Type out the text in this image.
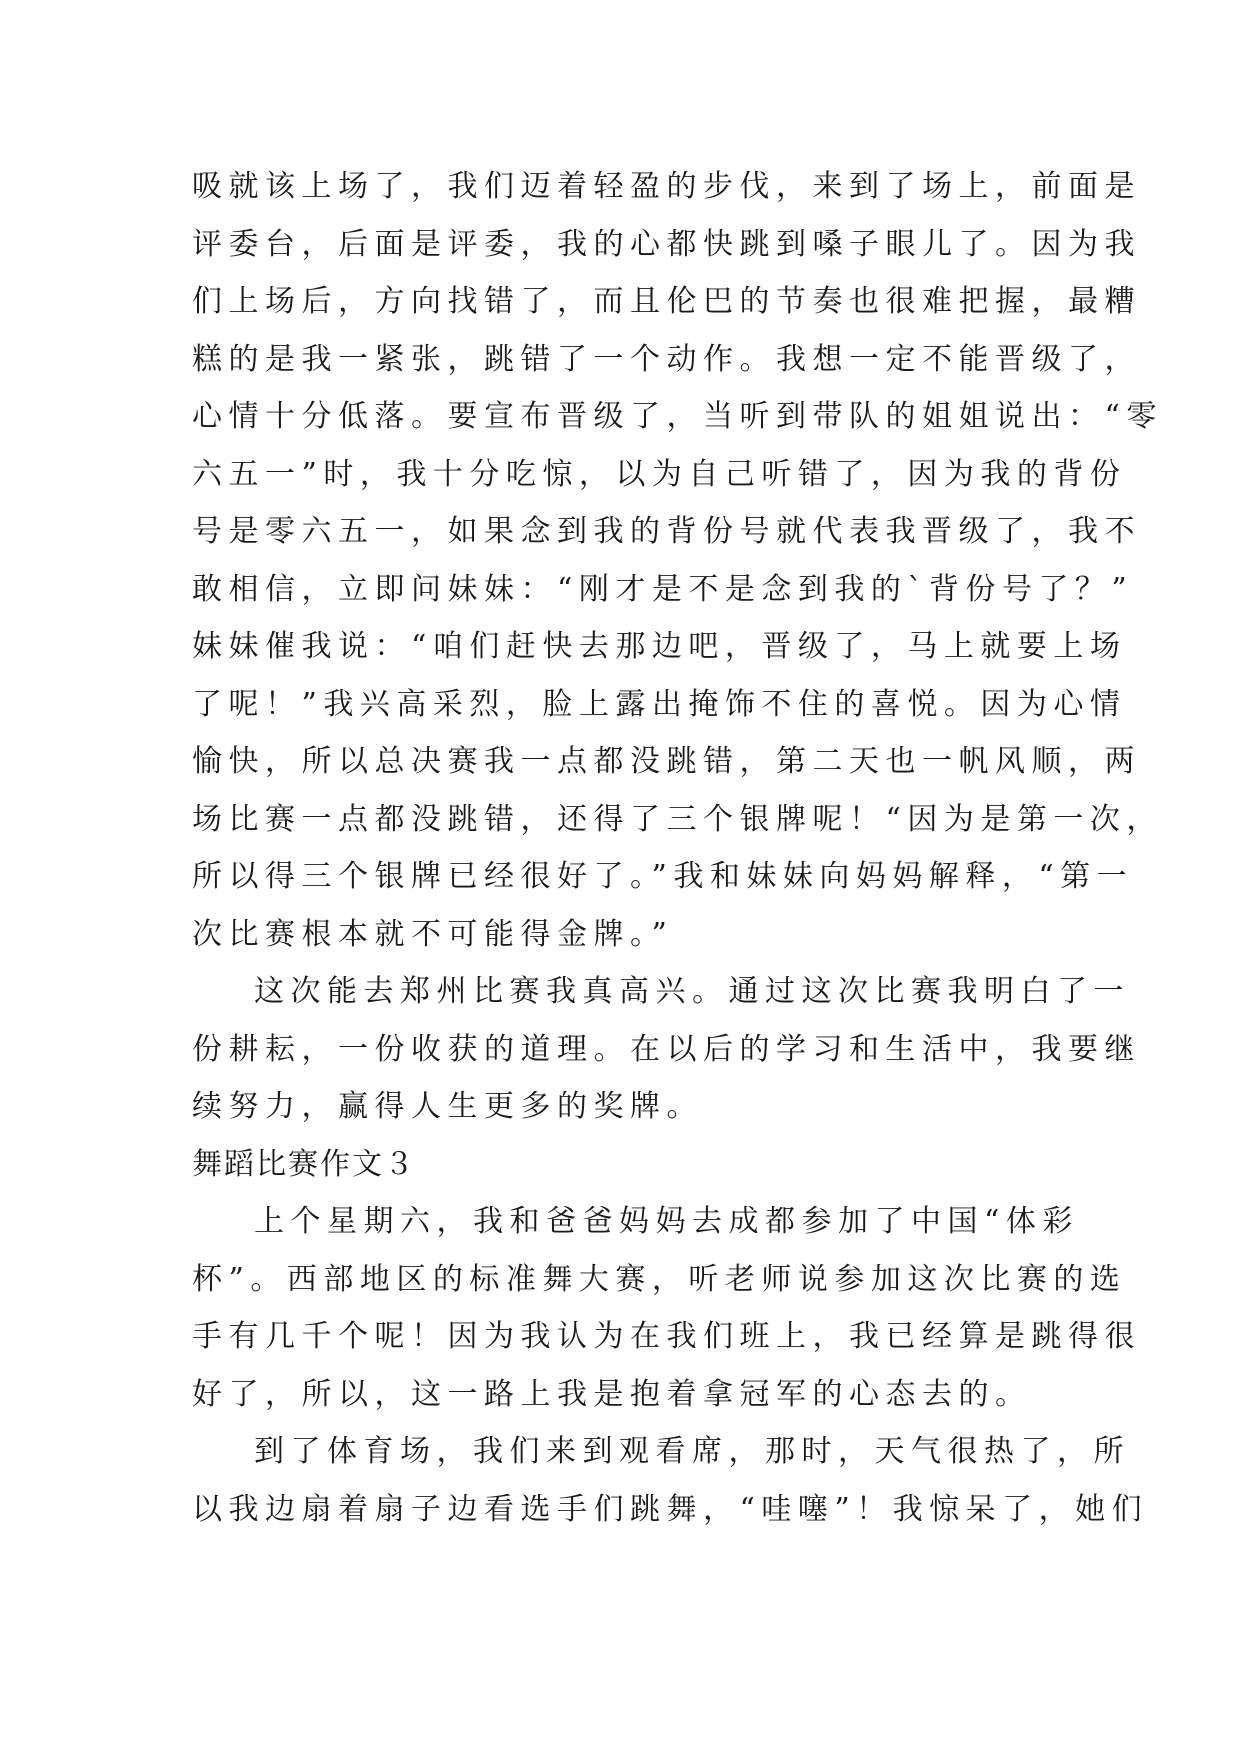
吸就该上场了，我们迈着轻盈的步伐，来到了场上，前面是
评委台，后面是评委，我的心都快跳到嗓子眼儿了。因为我
们上场后，方向找错了，而且伦巴的节奏也很难把握，最糟
糕的是我一紧张，跳错了一个动作。我想一定不能晋级了，
心情十分低落。要宣布晋级了，当听到带队的姐姐说出：“零
六五一”时，我十分吃惊，以为自己听错了，因为我的背份
号是零六五一，如果念到我的背份号就代表我晋级了，我不
敢相信，立即问妹妹：“刚才是不是念到我的`背份号了？”
妹妹催我说：“咱们赶快去那边吧，晋级了，马上就要上场
了呢！”我兴高采烈，脸上露出掩饰不住的喜悦。因为心情
愉快，所以总决赛我一点都没跳错，第二天也一帆风顺，两
场比赛一点都没跳错，还得了三个银牌呢！“因为是第一次，
所以得三个银牌已经很好了。”我和妹妹向妈妈解释，“第一
次比赛根本就不可能得金牌。”
这次能去郑州比赛我真高兴。通过这次比赛我明白了一
份耕耘，一份收获的道理。在以后的学习和生活中，我要继
续努力，赢得人生更多的奖牌。
舞蹈比赛作文３
上个星期六，我和爸爸妈妈去成都参加了中国“体彩
杯”。西部地区的标准舞大赛，听老师说参加这次比赛的选
手有几千个呢！因为我认为在我们班上，我已经算是跳得很
好了，所以，这一路上我是抱着拿冠军的心态去的。
到了体育场，我们来到观看席，那时，天气很热了，所
以我边扇着扇子边看选手们跳舞，“哇噻”！我惊呆了，她们
